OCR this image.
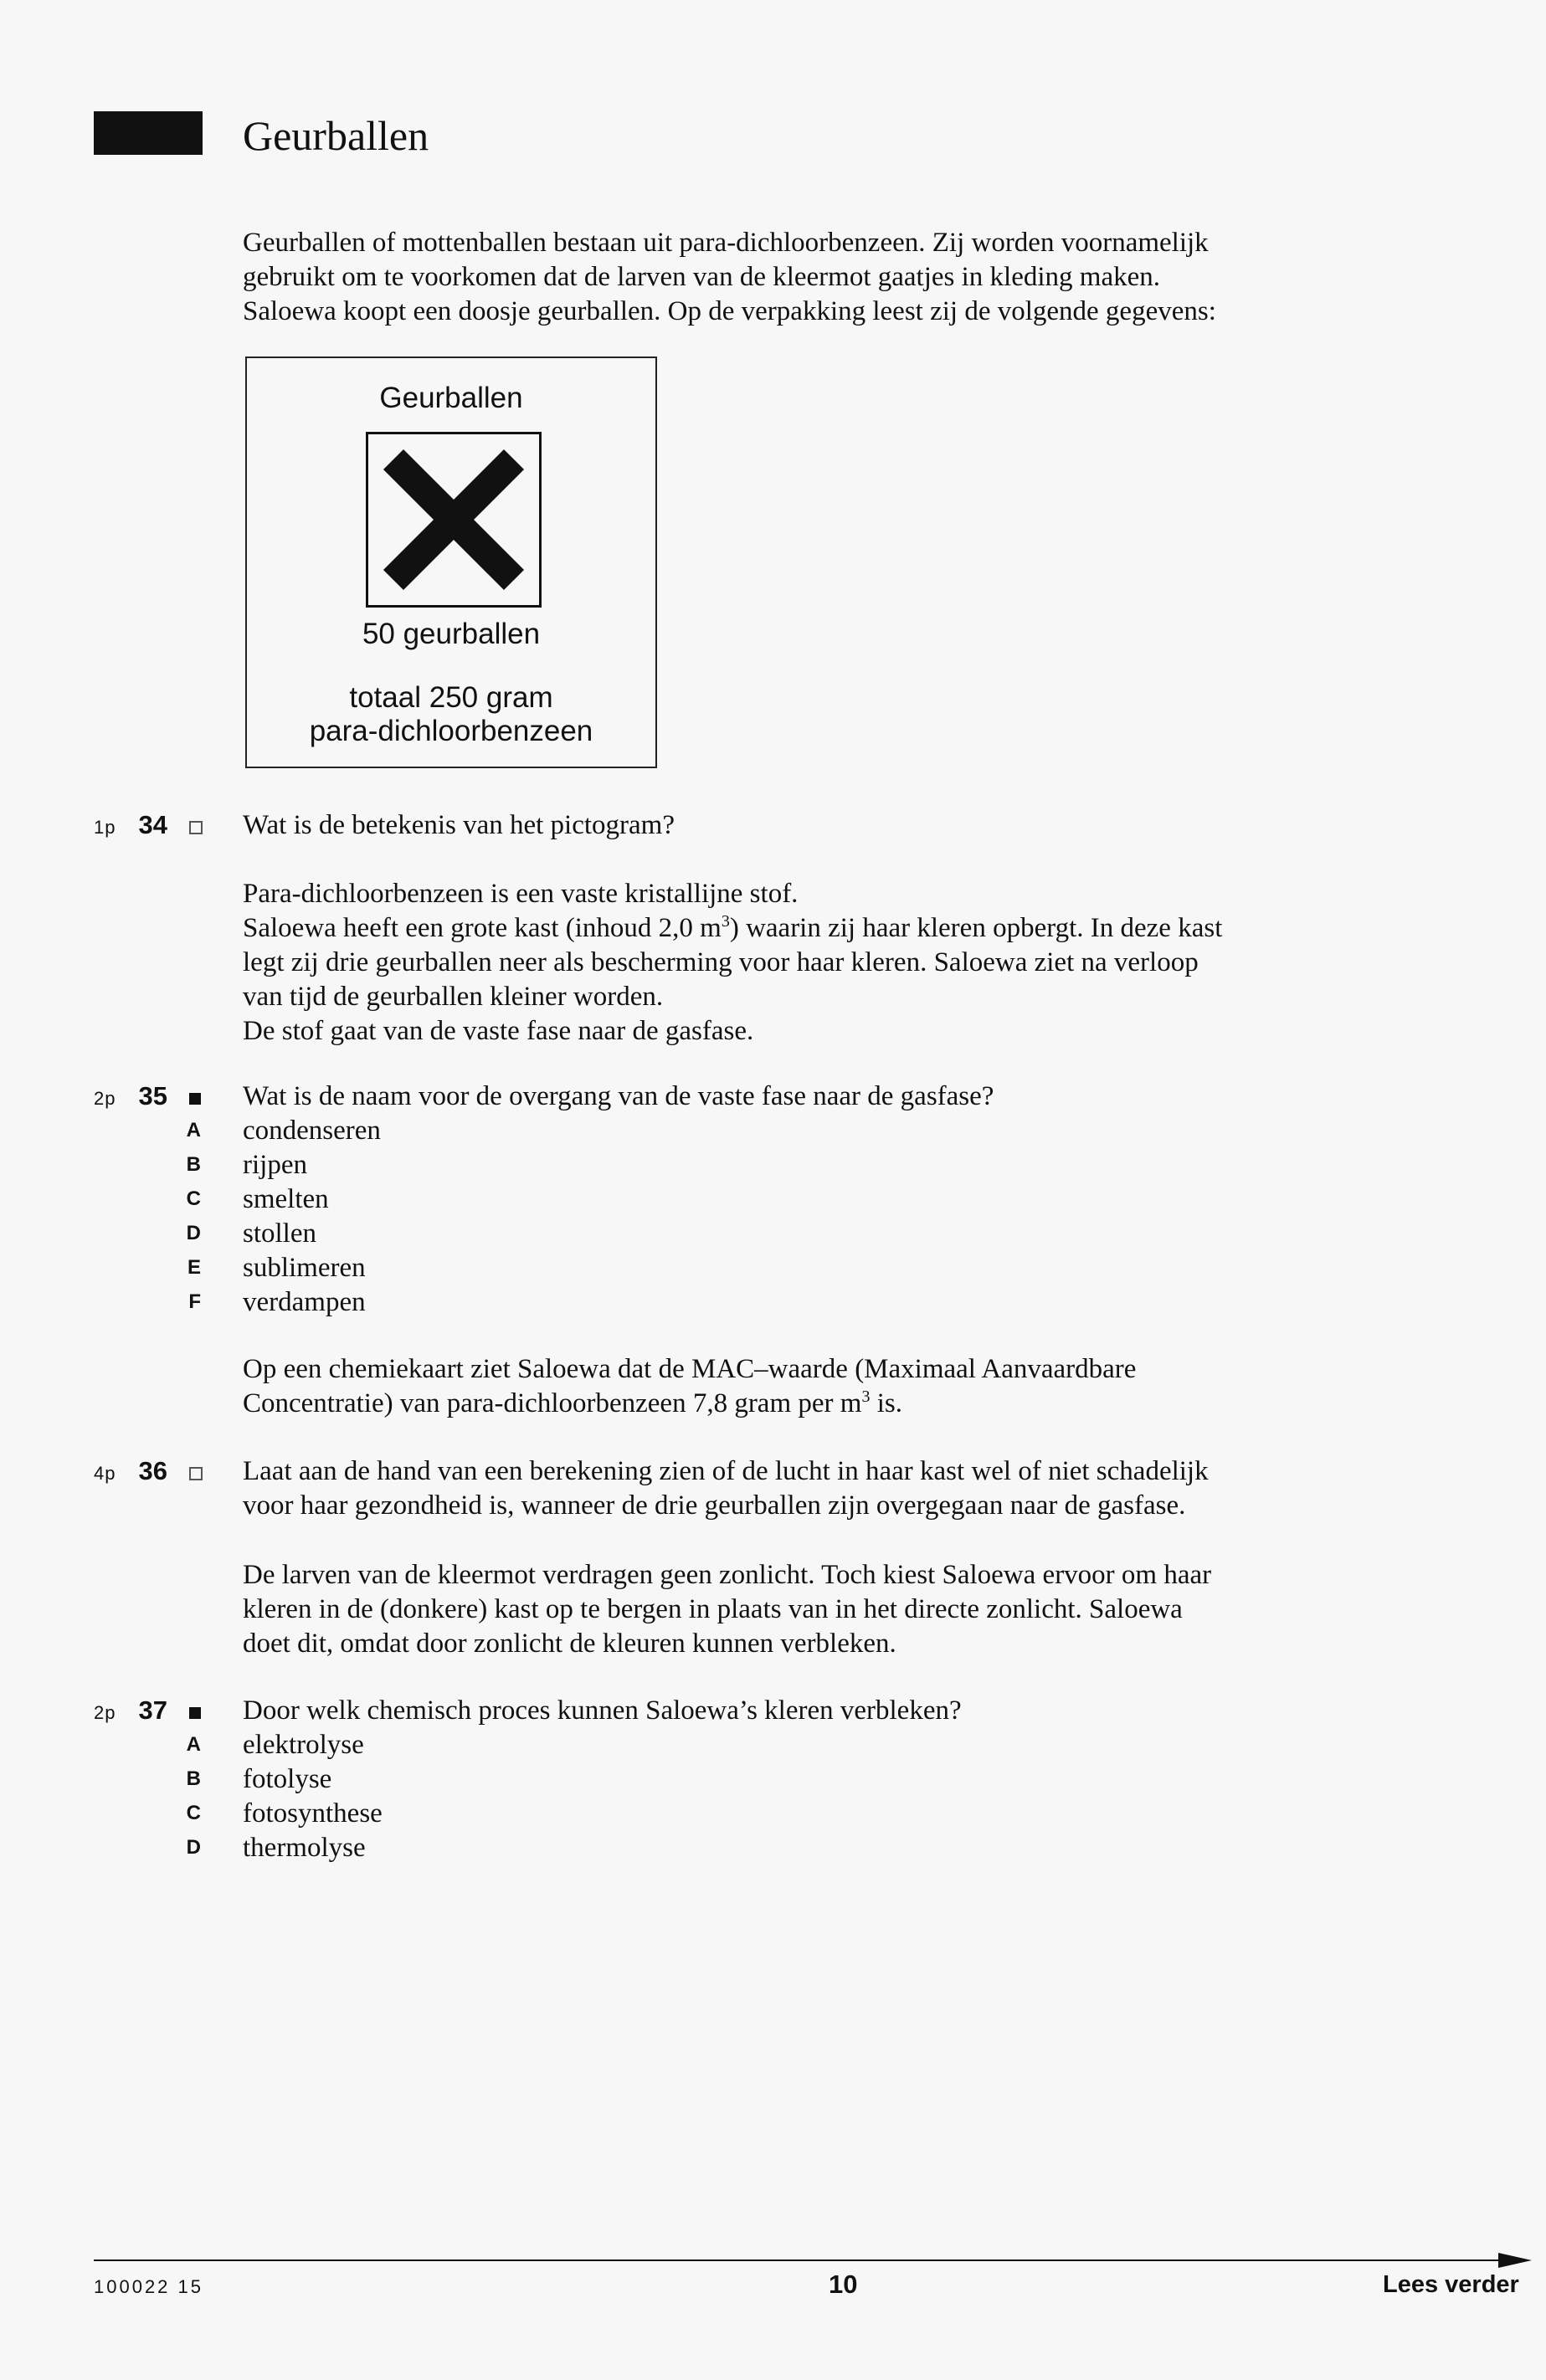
Geurballen
Geurballen of mottenballen bestaan uit para-dichloorbenzeen. Zij worden voornamelijk
gebruikt om te voorkomen dat de larven van de kleermot gaatjes in kleding maken.
Saloewa koopt een doosje geurballen. Op de verpakking leest zij de volgende gegevens:
Geurballen
50 geurballen
totaal 250 gram
para-dichloorbenzeen
1p 34	Wat is de betekenis van het pictogram?
Para-dichloorbenzeen is een vaste kristallijne stof.
Saloewa heeft een grote kast (inhoud 2,0 $m^3$) waarin zij haar kleren opbergt. In deze kast
legt zij drie geurballen neer als bescherming voor haar kleren. Saloewa ziet na verloop
van tijd de geurballen kleiner worden.
De stof gaat van de vaste fase naar de gasfase.
2p 35	Wat is de naam voor de overgang van de vaste fase naar de gasfase?
A condenseren
B rijpen
C smelten
D stollen
E sublimeren
F verdampen
Op een chemiekaart ziet Saloewa dat de MAC–waarde (Maximaal Aanvaardbare
Concentratie) van para-dichloorbenzeen 7,8 gram per $m^3$ is.
4p 36	Laat aan de hand van een berekening zien of de lucht in haar kast wel of niet schadelijk
voor haar gezondheid is, wanneer de drie geurballen zijn overgegaan naar de gasfase.
De larven van de kleermot verdragen geen zonlicht. Toch kiest Saloewa ervoor om haar
kleren in de (donkere) kast op te bergen in plaats van in het directe zonlicht. Saloewa
doet dit, omdat door zonlicht de kleuren kunnen verbleken.
2p 37	Door welk chemisch proces kunnen Saloewa’s kleren verbleken?
A elektrolyse
B fotolyse
C fotosynthese
D thermolyse
100022 15	10	Lees verder
